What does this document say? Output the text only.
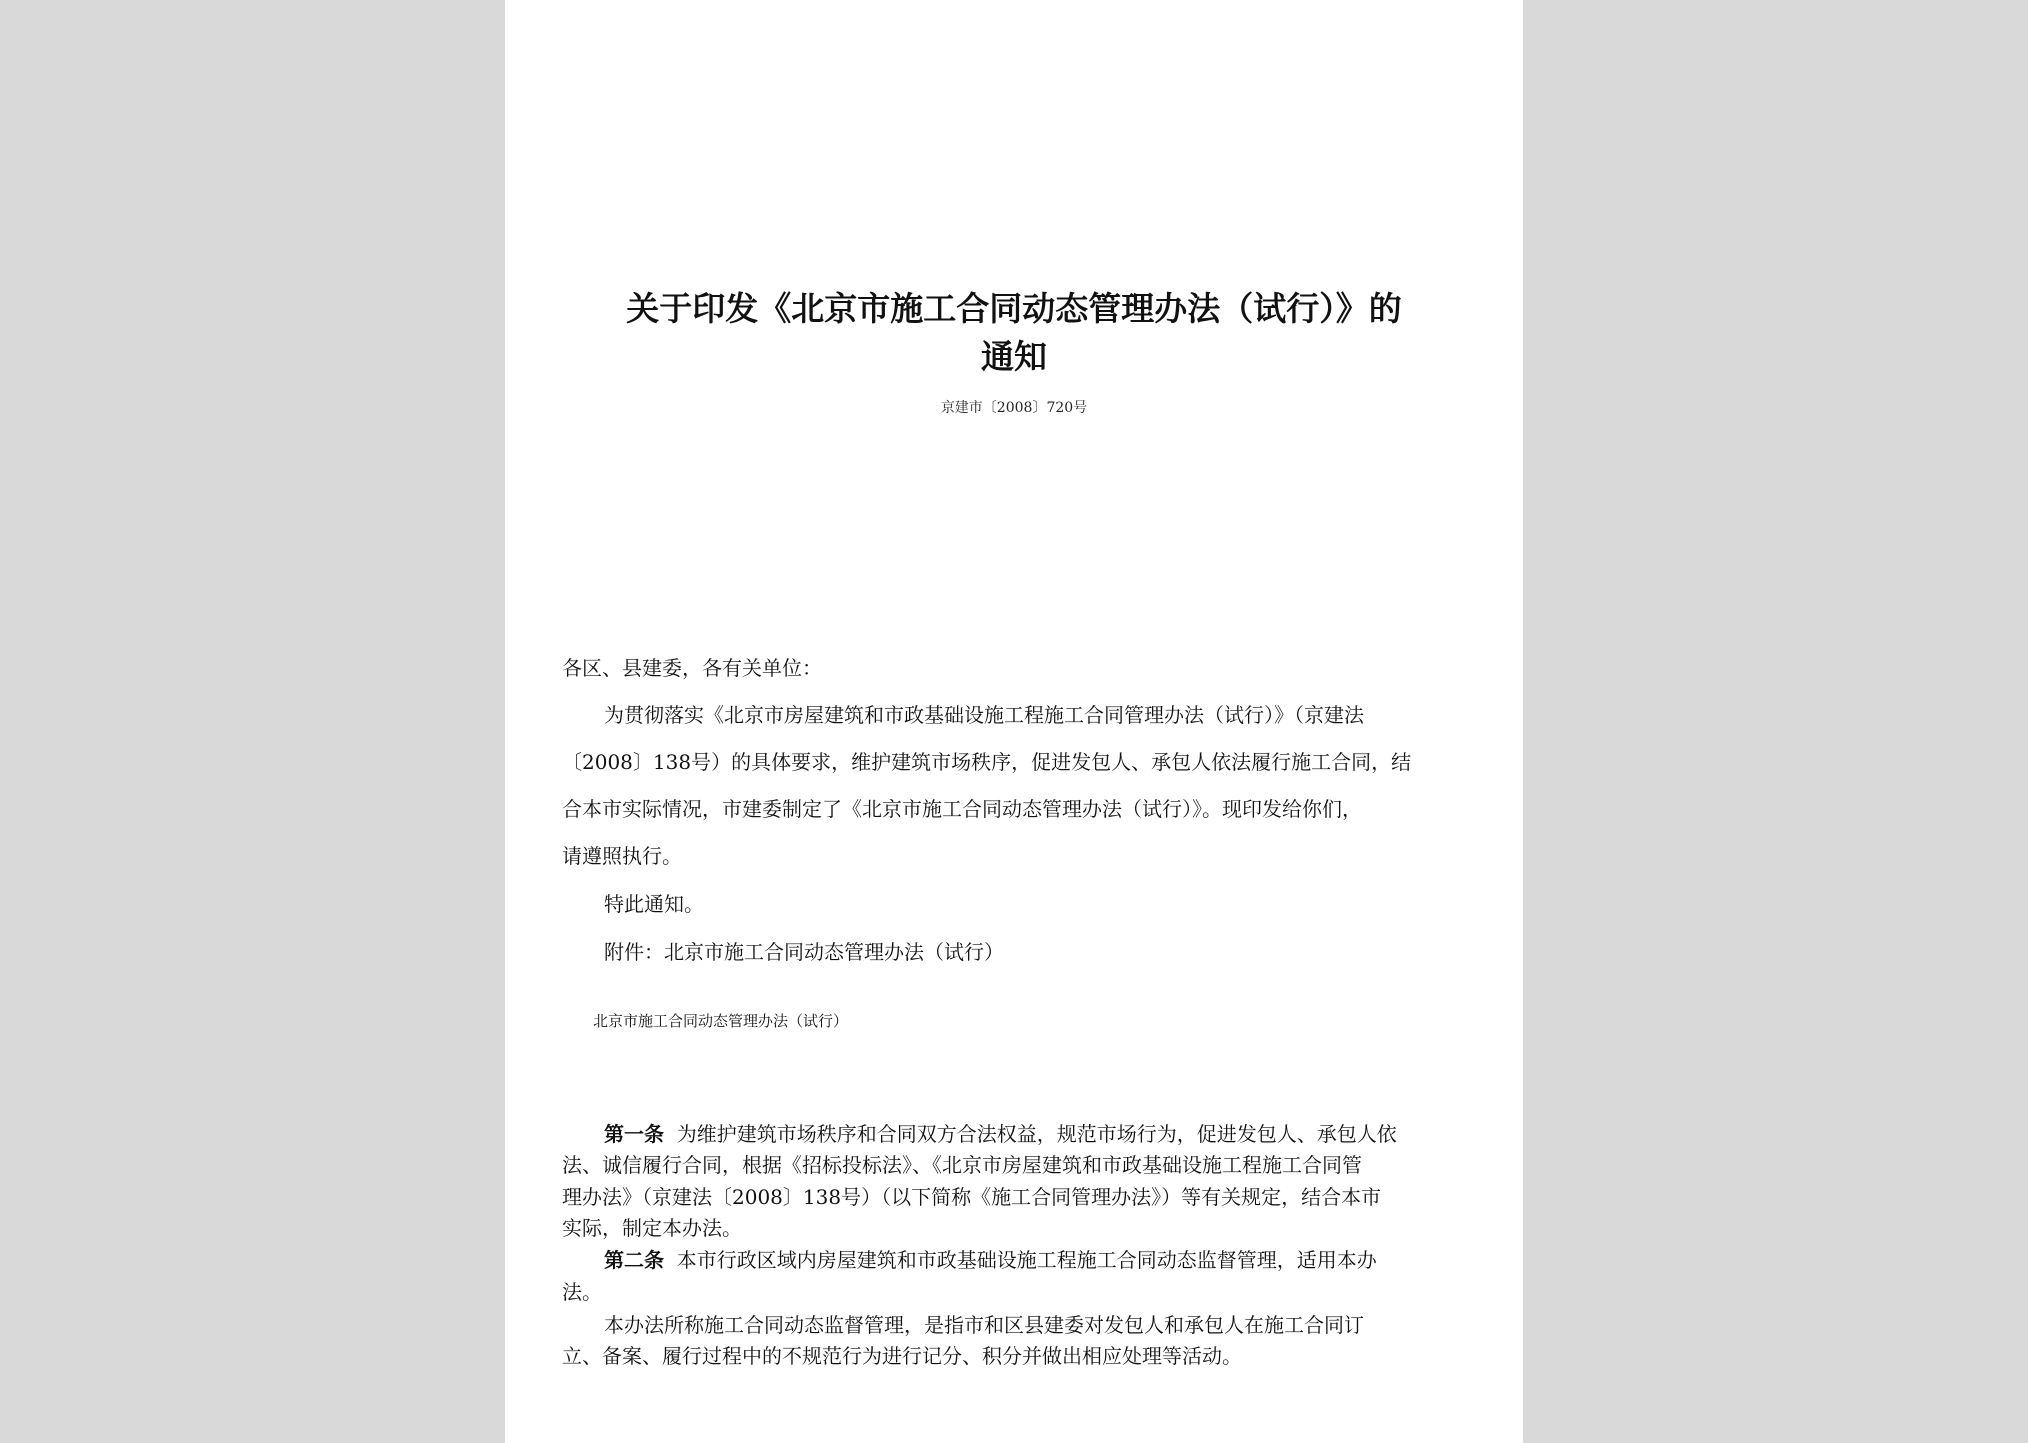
关于印发《北京市施工合同动态管理办法（试行）》的
通知
京建市〔2008〕720号
各区、县建委，各有关单位：
为贯彻落实《北京市房屋建筑和市政基础设施工程施工合同管理办法（试行）》（京建法
〔2008〕138号）的具体要求，维护建筑市场秩序，促进发包人、承包人依法履行施工合同，结
合本市实际情况，市建委制定了《北京市施工合同动态管理办法（试行）》。现印发给你们，
请遵照执行。
特此通知。
附件：北京市施工合同动态管理办法（试行）
北京市施工合同动态管理办法（试行）
第一条 为维护建筑市场秩序和合同双方合法权益，规范市场行为，促进发包人、承包人依
法、诚信履行合同，根据《招标投标法》、《北京市房屋建筑和市政基础设施工程施工合同管
理办法》（京建法〔2008〕138号）（以下简称《施工合同管理办法》）等有关规定，结合本市
实际，制定本办法。
第二条 本市行政区域内房屋建筑和市政基础设施工程施工合同动态监督管理，适用本办
法。
本办法所称施工合同动态监督管理，是指市和区县建委对发包人和承包人在施工合同订
立、备案、履行过程中的不规范行为进行记分、积分并做出相应处理等活动。
